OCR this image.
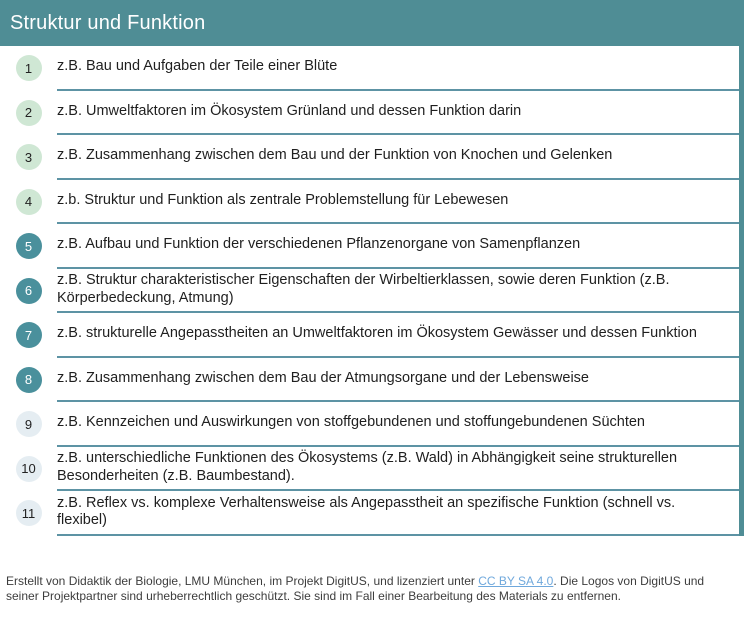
Struktur und Funktion
1 z.B. Bau und Aufgaben der Teile einer Blüte
2 z.B. Umweltfaktoren im Ökosystem Grünland und dessen Funktion darin
3 z.B. Zusammenhang zwischen dem Bau und der Funktion von Knochen und Gelenken
4 z.b. Struktur und Funktion als zentrale Problemstellung für Lebewesen
5 z.B. Aufbau und Funktion der verschiedenen Pflanzenorgane von Samenpflanzen
6
z.B. Struktur charakteristischer Eigenschaften der Wirbeltierklassen, sowie deren Funktion (z.B. Körperbedeckung, Atmung)
7 z.B. strukturelle Angepasstheiten an Umweltfaktoren im Ökosystem Gewässer und dessen Funktion
8 z.B. Zusammenhang zwischen dem Bau der Atmungsorgane und der Lebensweise
9 z.B. Kennzeichen und Auswirkungen von stoffgebundenen und stoffungebundenen Süchten
10
z.B. unterschiedliche Funktionen des Ökosystems (z.B. Wald) in Abhängigkeit seine strukturellen Besonderheiten (z.B. Baumbestand).
11
z.B. Reflex vs. komplexe Verhaltensweise als Angepasstheit an spezifische Funktion (schnell vs. flexibel)

Erstellt von Didaktik der Biologie, LMU München, im Projekt DigitUS, und lizenziert unter CC BY SA 4.0. Die Logos von DigitUS und seiner Projektpartner sind urheberrechtlich geschützt. Sie sind im Fall einer Bearbeitung des Materials zu entfernen.
